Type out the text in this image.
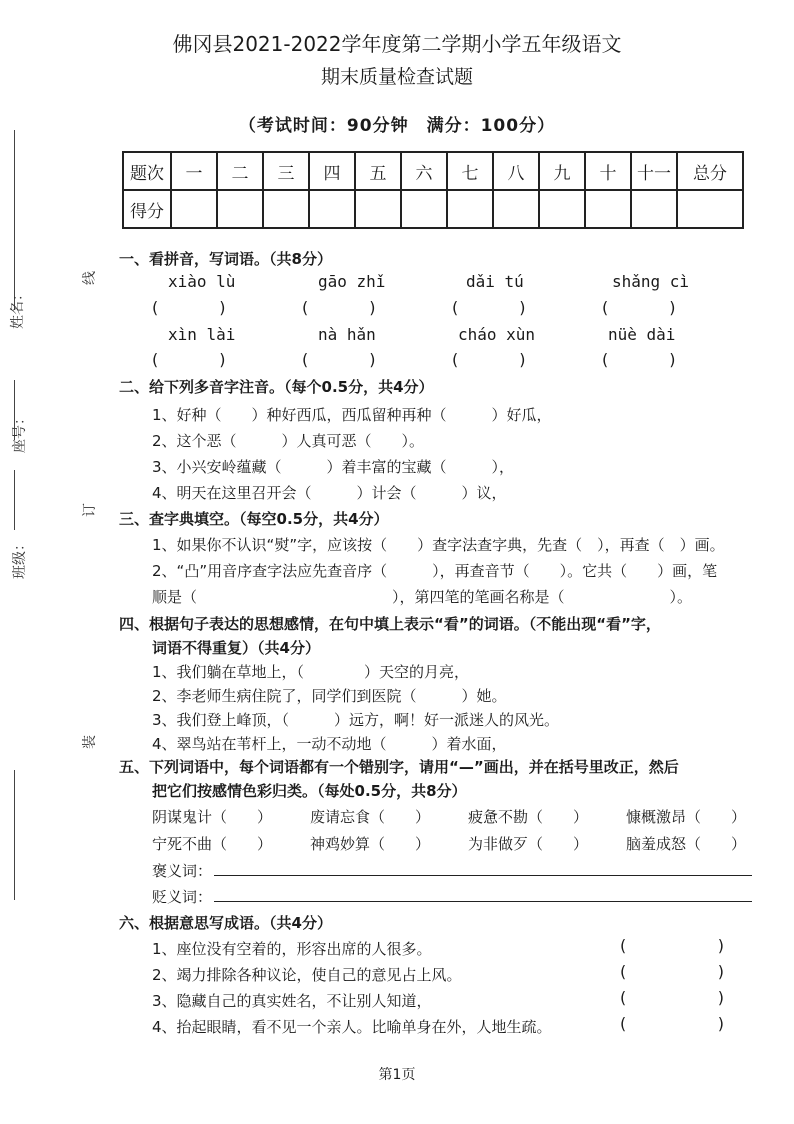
佛冈县2021-2022学年度第二学期小学五年级语文
期末质量检查试题
（考试时间：90分钟　满分：100分）
题次	一	二	三	四	五	六	七	八	九	十	十一	总分
得分												
姓名：
座号：
班级：
线
订
装
一、看拼音，写词语。（共8分）
xiào lù	gāo zhǐ	dǎi tú	shǎng cì
(            )	(            )	(            )	(            )
xìn lài	nà hǎn	cháo xùn	nüè dài
(            )	(            )	(            )	(            )
二、给下列多音字注音。（每个0.5分，共4分）
1、好种（　　）种好西瓜，西瓜留种再种（　　　）好瓜，
2、这个恶（　　　）人真可恶（　　）。
3、小兴安岭蕴藏（　　　）着丰富的宝藏（　　　），
4、明天在这里召开会（　　　）计会（　　　）议，
三、查字典填空。（每空0.5分，共4分）
1、如果你不认识“熨”字，应该按（　　）查字法查字典，先查（　），再查（　）画。
2、“凸”用音序查字法应先查音序（　　　），再查音节（　　）。它共（　　）画，笔
顺是（　　　　　　　　　　　　　），第四笔的笔画名称是（　　　　　　　）。
四、根据句子表达的思想感情，在句中填上表示“看”的词语。（不能出现“看”字，
词语不得重复）（共4分）
1、我们躺在草地上，（　　　　）天空的月亮，
2、李老师生病住院了，同学们到医院（　　　）她。
3、我们登上峰顶，（　　　）远方，啊！好一派迷人的风光。
4、翠鸟站在苇杆上，一动不动地（　　　）着水面，
五、下列词语中，每个词语都有一个错别字，请用“—”画出，并在括号里改正，然后
把它们按感情色彩归类。（每处0.5分，共8分）
阴谋鬼计（　　）	废请忘食（　　）	疲惫不勘（　　）	慷概激昂（　　）
宁死不曲（　　）	神鸡妙算（　　）	为非做歹（　　）	脑羞成怒（　　）
褒义词：
贬义词：
六、根据意思写成语。（共4分）
1、座位没有空着的，形容出席的人很多。	(                  )
2、竭力排除各种议论，使自己的意见占上风。	(                  )
3、隐藏自己的真实姓名，不让别人知道，	(                  )
4、抬起眼睛，看不见一个亲人。比喻单身在外，人地生疏。	(                  )
第1页
